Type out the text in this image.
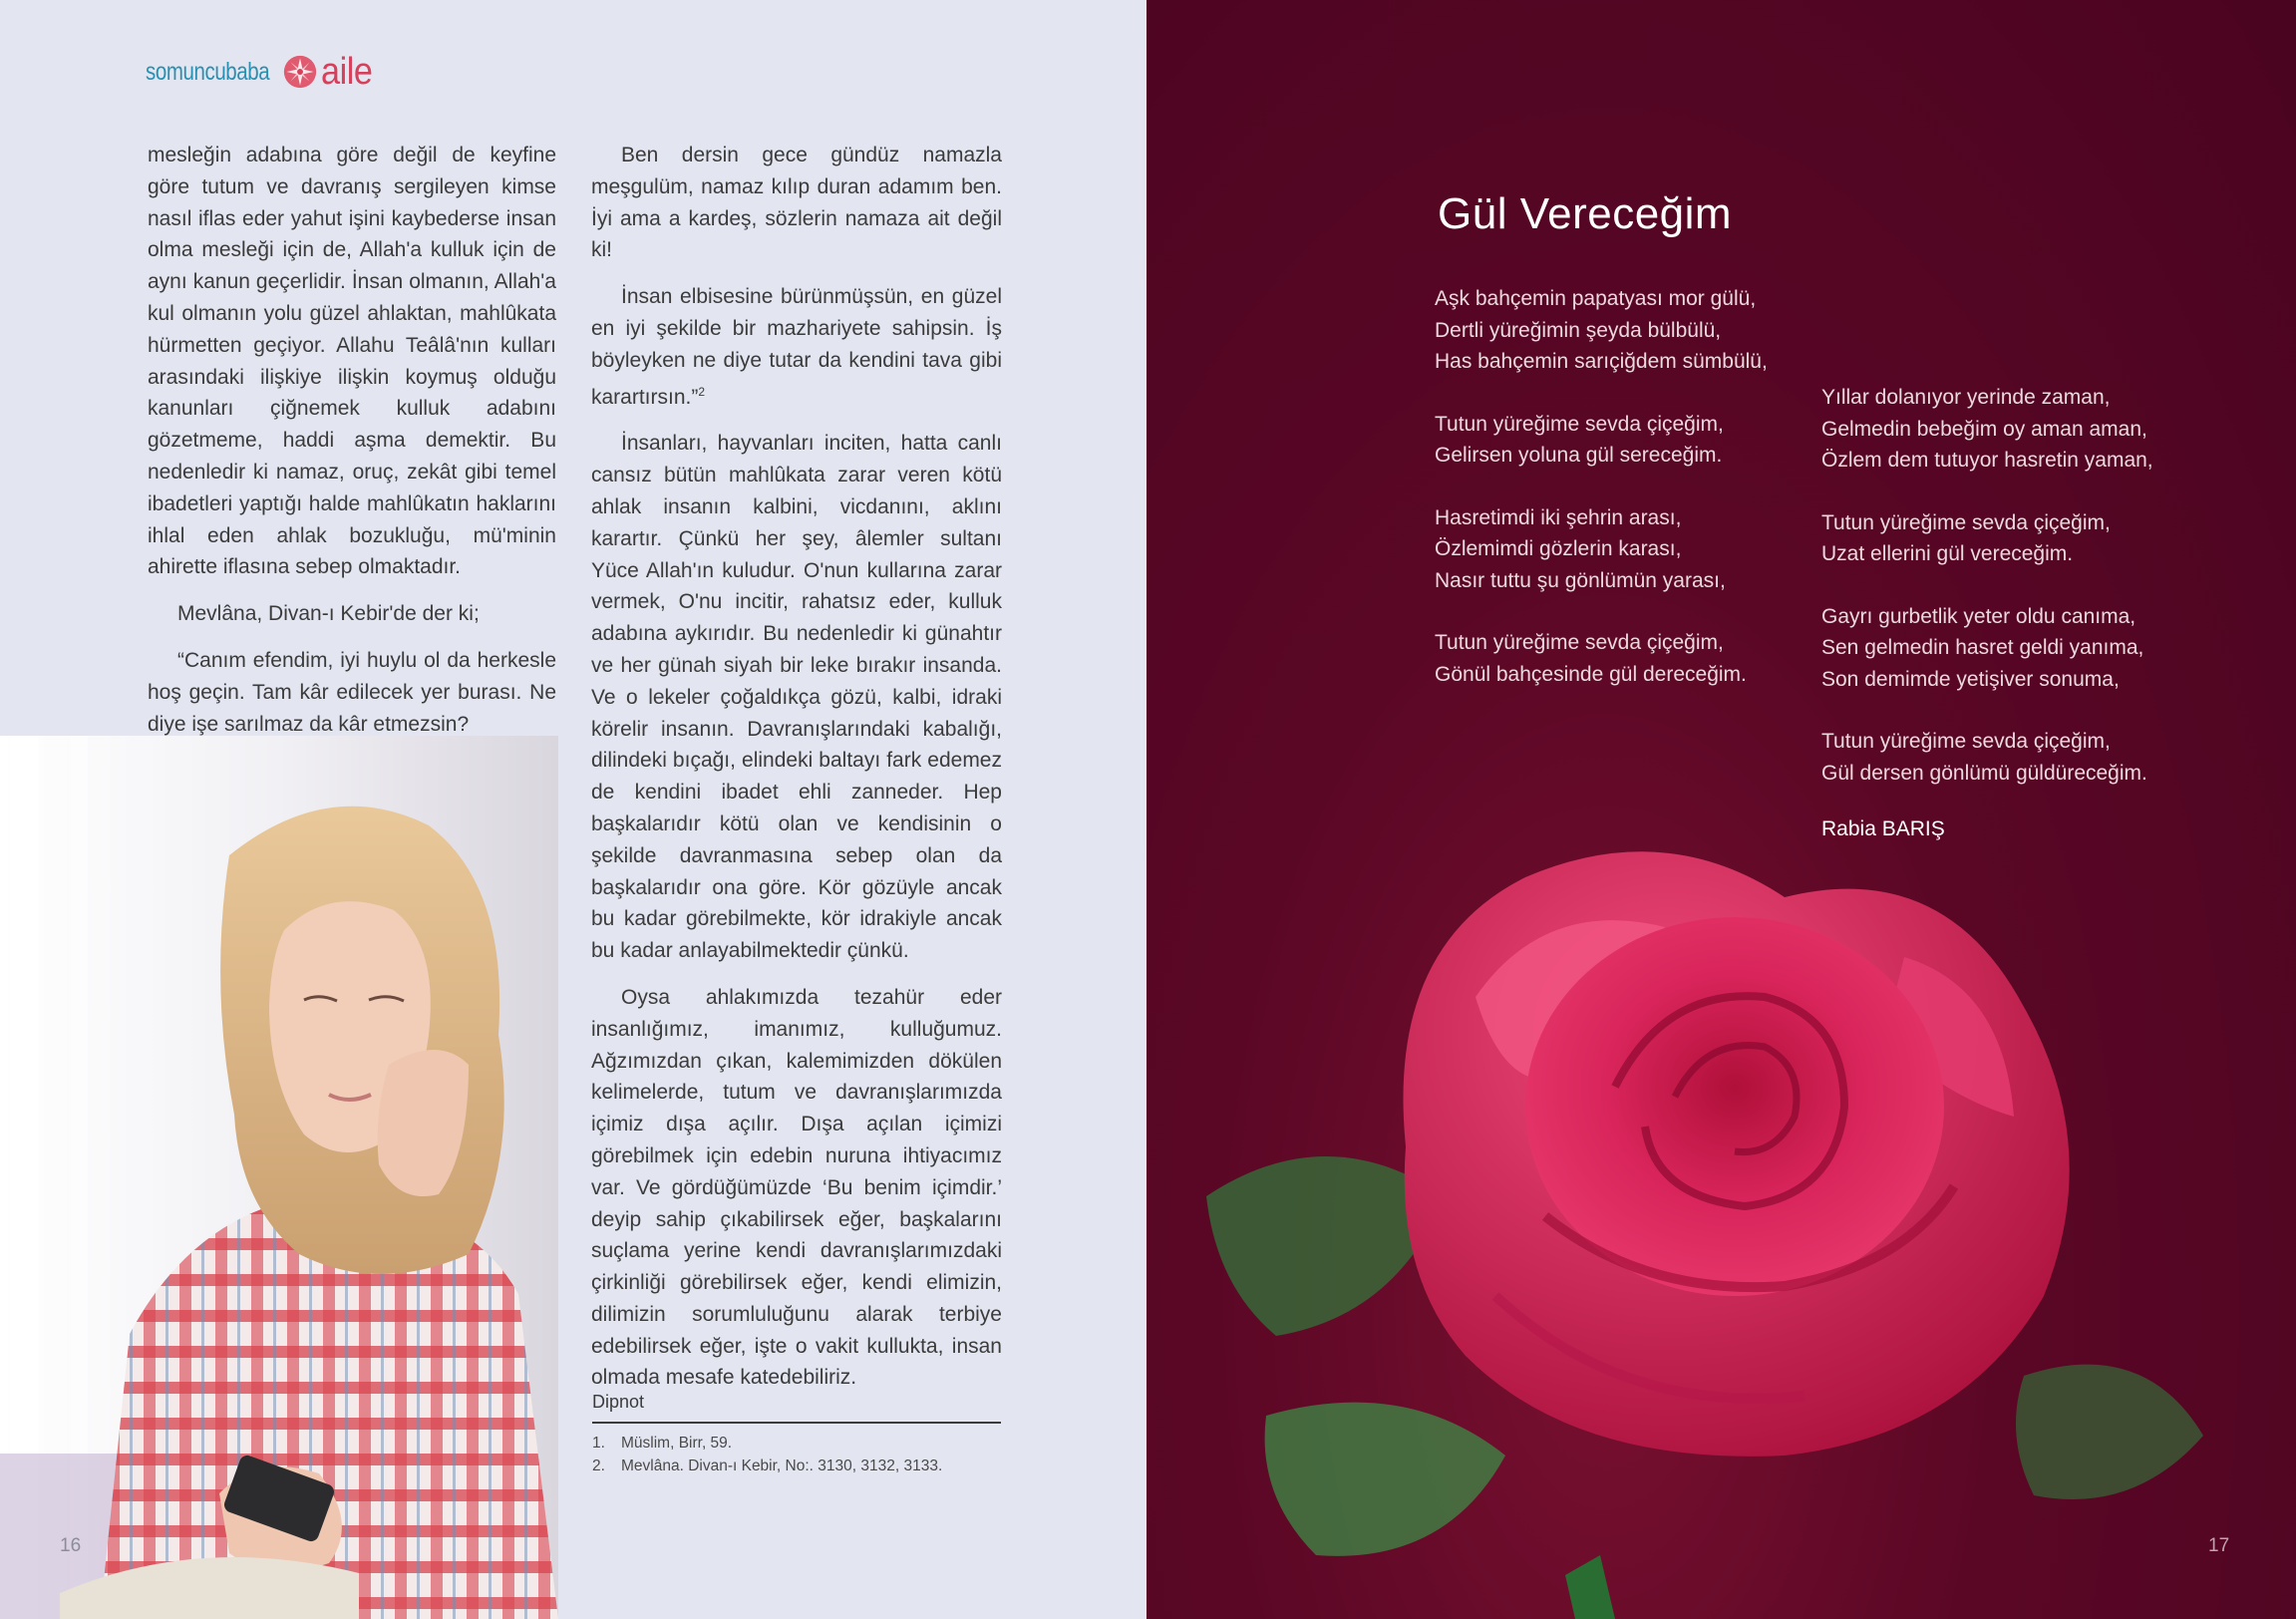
somuncubaba aile

mesleğin adabına göre değil de keyfine göre tutum ve davranış sergileyen kimse nasıl iflas eder yahut işini kaybederse insan olma mesleği için de, Allah'a kulluk için de aynı kanun geçerlidir. İnsan olmanın, Allah'a kul olmanın yolu güzel ahlaktan, mahlûkata hürmetten geçiyor. Allahu Teâlâ'nın kulları arasındaki ilişkiye ilişkin koymuş olduğu kanunları çiğnemek kulluk adabını gözetmeme, haddi aşma demektir. Bu nedenledir ki namaz, oruç, zekât gibi temel ibadetleri yaptığı halde mahlûkatın haklarını ihlal eden ahlak bozukluğu, mü'minin ahirette iflasına sebep olmaktadır.

Mevlâna, Divan-ı Kebir'de der ki;

“Canım efendim, iyi huylu ol da herkesle hoş geçin. Tam kâr edilecek yer burası. Ne diye işe sarılmaz da kâr etmezsin?

Ben dersin gece gündüz namazla meşgulüm, namaz kılıp duran adamım ben. İyi ama a kardeş, sözlerin namaza ait değil ki!

İnsan elbisesine bürünmüşsün, en güzel en iyi şekilde bir mazhariyete sahipsin. İş böyleyken ne diye tutar da kendini tava gibi karartırsın.”$^2$

İnsanları, hayvanları inciten, hatta canlı cansız bütün mahlûkata zarar veren kötü ahlak insanın kalbini, vicdanını, aklını karartır. Çünkü her şey, âlemler sultanı Yüce Allah'ın kuludur. O'nun kullarına zarar vermek, O'nu incitir, rahatsız eder, kulluk adabına aykırıdır. Bu nedenledir ki günahtır ve her günah siyah bir leke bırakır insanda. Ve o lekeler çoğaldıkça gözü, kalbi, idraki körelir insanın. Davranışlarındaki kabalığı, dilindeki bıçağı, elindeki baltayı fark edemez de kendini ibadet ehli zanneder. Hep başkalarıdır kötü olan ve kendisinin o şekilde davranmasına sebep olan da başkalarıdır ona göre. Kör gözüyle ancak bu kadar görebilmekte, kör idrakiyle ancak bu kadar anlayabilmektedir çünkü.

Oysa ahlakımızda tezahür eder insanlığımız, imanımız, kulluğumuz. Ağzımızdan çıkan, kalemimizden dökülen kelimelerde, tutum ve davranışlarımızda içimiz dışa açılır. Dışa açılan içimizi görebilmek için edebin nuruna ihtiyacımız var. Ve gördüğümüzde ‘Bu benim içimdir.’ deyip sahip çıkabilirsek eğer, başkalarını suçlama yerine kendi davranışlarımızdaki çirkinliği görebilirsek eğer, kendi elimizin, dilimizin sorumluluğunu alarak terbiye edebilirsek eğer, işte o vakit kullukta, insan olmada mesafe katedebiliriz.

Dipnot
1.	Müslim, Birr, 59.
2.	Mevlâna. Divan-ı Kebir, No:. 3130, 3132, 3133.
16
Gül Vereceğim
Aşk bahçemin papatyası mor gülü,
Dertli yüreğimin şeyda bülbülü,
Has bahçemin sarıçiğdem sümbülü,
Tutun yüreğime sevda çiçeğim,
Gelirsen yoluna gül sereceğim.
Hasretimdi iki şehrin arası,
Özlemimdi gözlerin karası,
Nasır tuttu şu gönlümün yarası,
Tutun yüreğime sevda çiçeğim,
Gönül bahçesinde gül dereceğim.
Yıllar dolanıyor yerinde zaman,
Gelmedin bebeğim oy aman aman,
Özlem dem tutuyor hasretin yaman,
Tutun yüreğime sevda çiçeğim,
Uzat ellerini gül vereceğim.
Gayrı gurbetlik yeter oldu canıma,
Sen gelmedin hasret geldi yanıma,
Son demimde yetişiver sonuma,
Tutun yüreğime sevda çiçeğim,
Gül dersen gönlümü güldüreceğim.
Rabia BARIŞ
17
